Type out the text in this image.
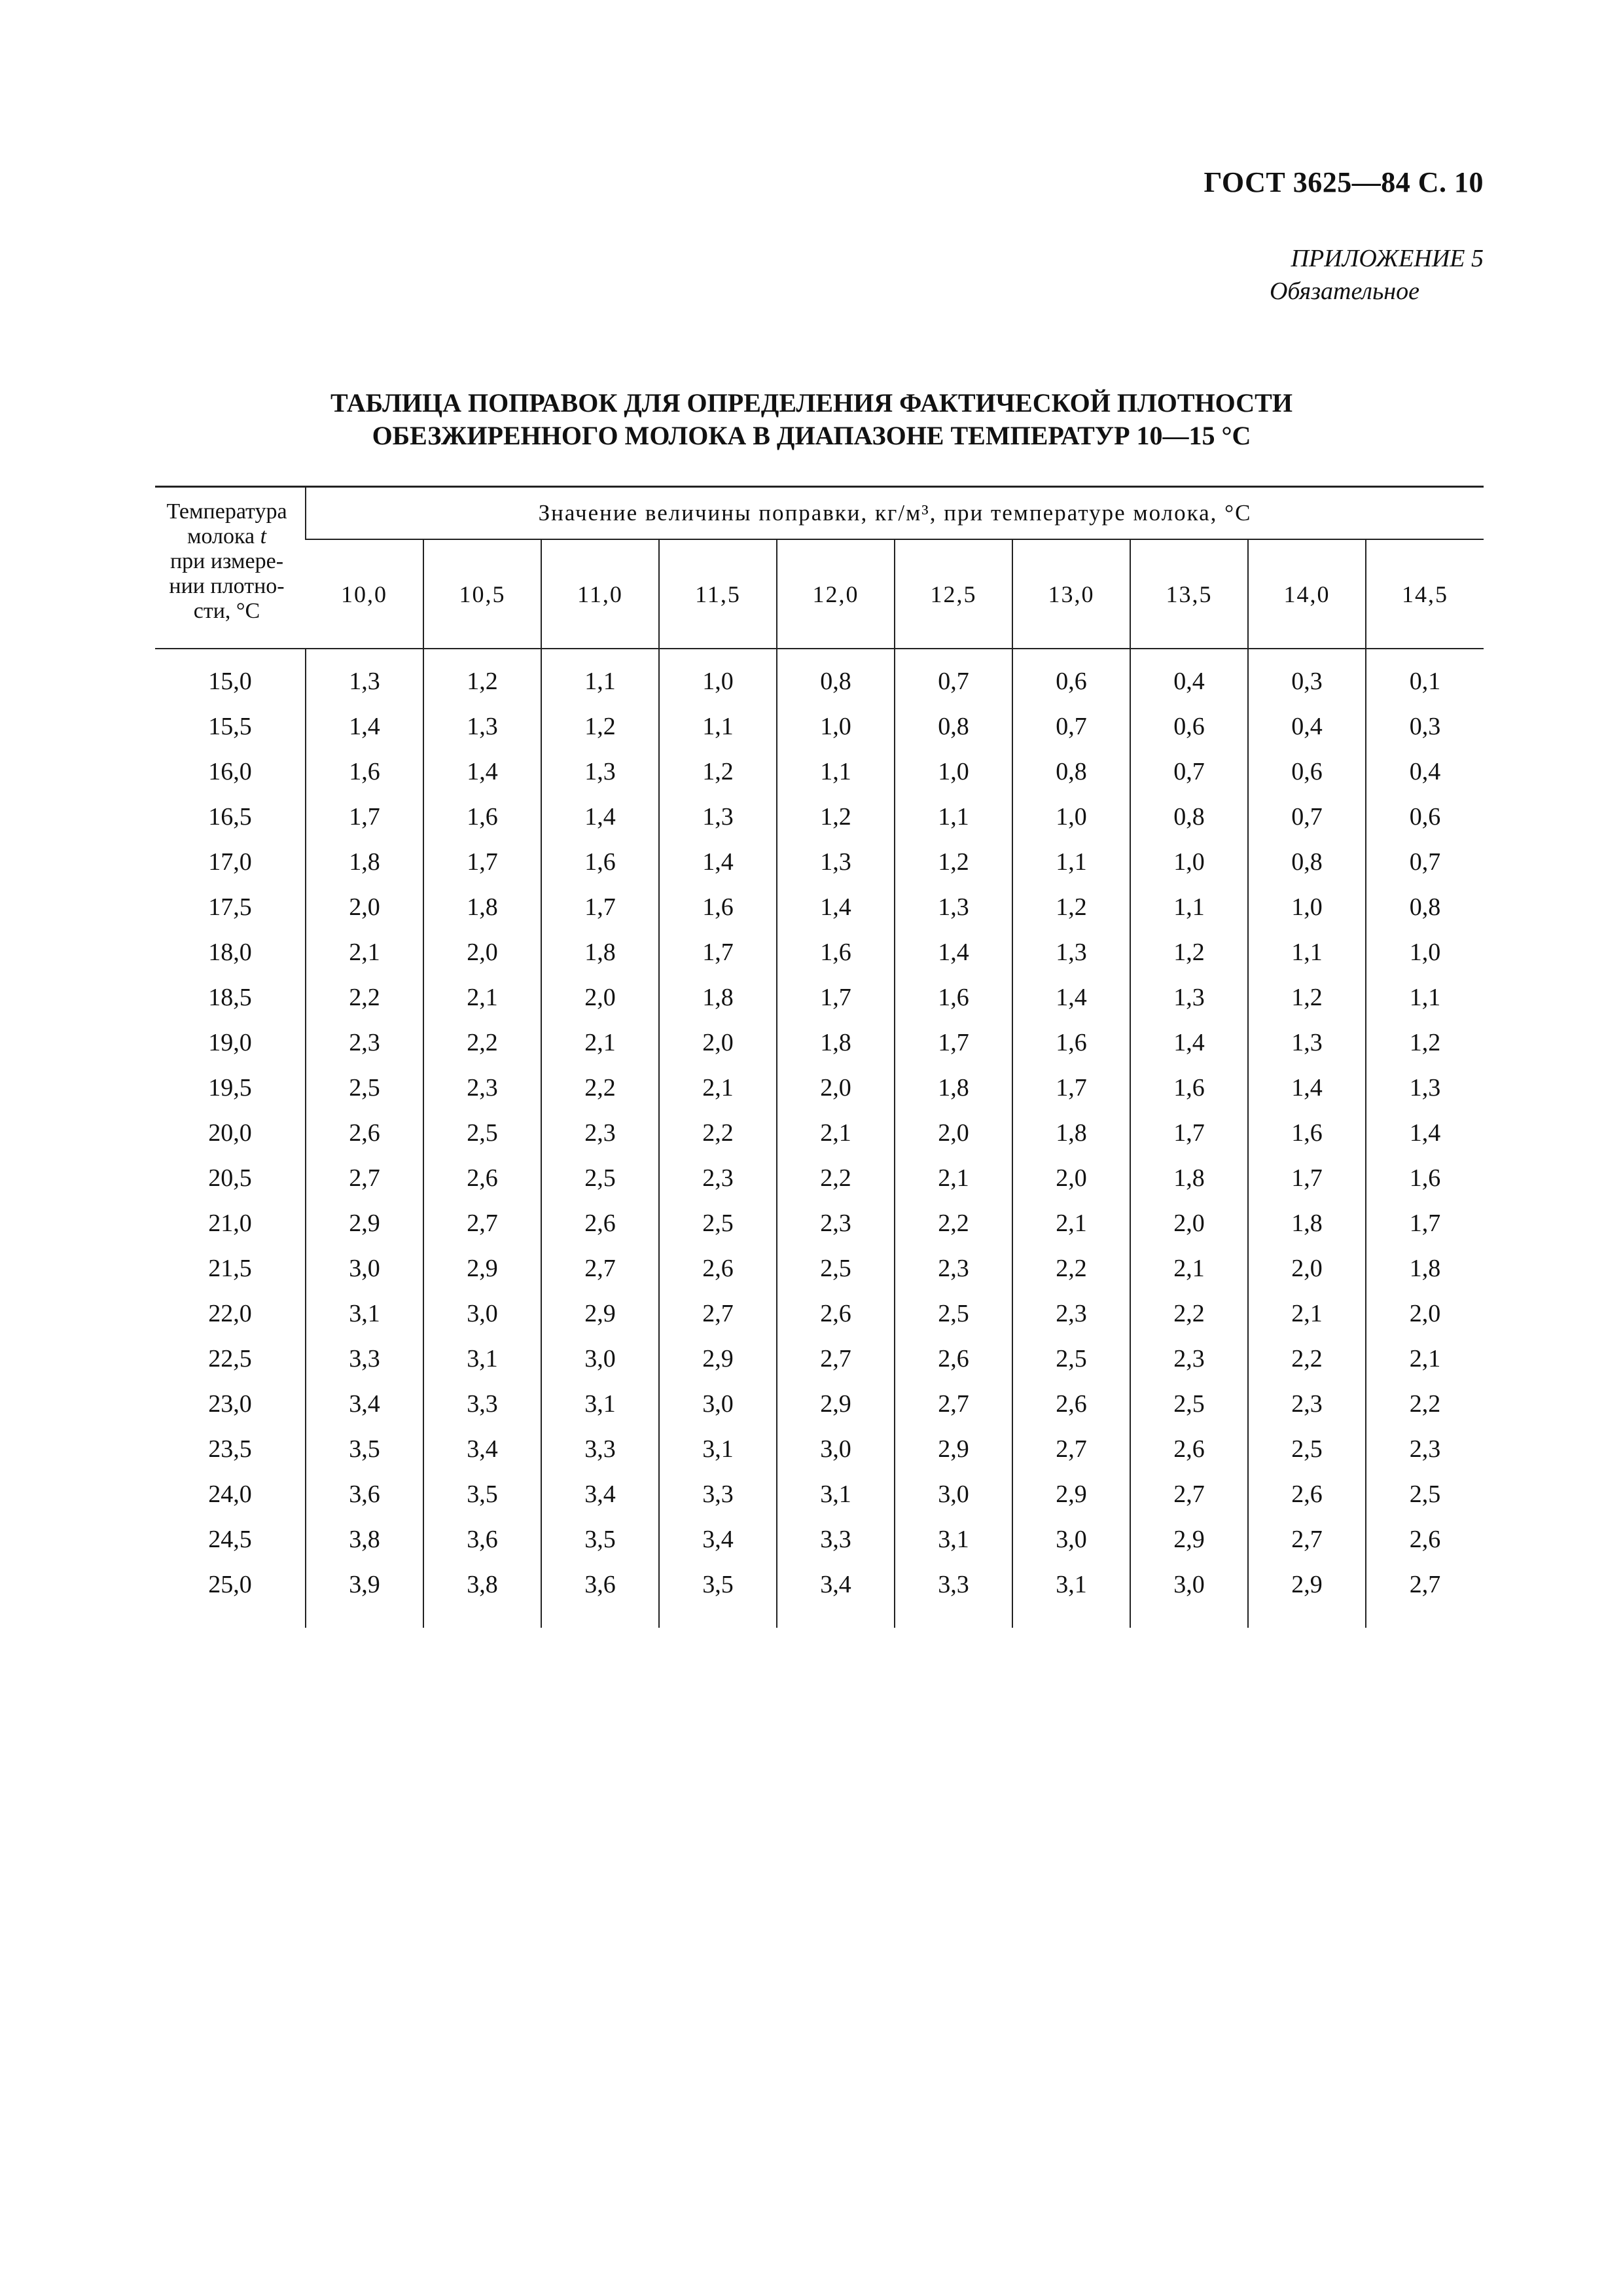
ГОСТ 3625—84 С. 10
ПРИЛОЖЕНИЕ 5
Обязательное
ТАБЛИЦА ПОПРАВОК ДЛЯ ОПРЕДЕЛЕНИЯ ФАКТИЧЕСКОЙ ПЛОТНОСТИ
ОБЕЗЖИРЕННОГО МОЛОКА В ДИАПАЗОНЕ ТЕМПЕРАТУР 10—15 °С
Температура
молока t
при измере-
нии плотно-
сти, °С	Значение величины поправки, кг/м³, при температуре молока, °С									
	10,0	10,5	11,0	11,5	12,0	12,5	13,0	13,5	14,0	14,5
15,0	1,3	1,2	1,1	1,0	0,8	0,7	0,6	0,4	0,3	0,1
15,5	1,4	1,3	1,2	1,1	1,0	0,8	0,7	0,6	0,4	0,3
16,0	1,6	1,4	1,3	1,2	1,1	1,0	0,8	0,7	0,6	0,4
16,5	1,7	1,6	1,4	1,3	1,2	1,1	1,0	0,8	0,7	0,6
17,0	1,8	1,7	1,6	1,4	1,3	1,2	1,1	1,0	0,8	0,7
17,5	2,0	1,8	1,7	1,6	1,4	1,3	1,2	1,1	1,0	0,8
18,0	2,1	2,0	1,8	1,7	1,6	1,4	1,3	1,2	1,1	1,0
18,5	2,2	2,1	2,0	1,8	1,7	1,6	1,4	1,3	1,2	1,1
19,0	2,3	2,2	2,1	2,0	1,8	1,7	1,6	1,4	1,3	1,2
19,5	2,5	2,3	2,2	2,1	2,0	1,8	1,7	1,6	1,4	1,3
20,0	2,6	2,5	2,3	2,2	2,1	2,0	1,8	1,7	1,6	1,4
20,5	2,7	2,6	2,5	2,3	2,2	2,1	2,0	1,8	1,7	1,6
21,0	2,9	2,7	2,6	2,5	2,3	2,2	2,1	2,0	1,8	1,7
21,5	3,0	2,9	2,7	2,6	2,5	2,3	2,2	2,1	2,0	1,8
22,0	3,1	3,0	2,9	2,7	2,6	2,5	2,3	2,2	2,1	2,0
22,5	3,3	3,1	3,0	2,9	2,7	2,6	2,5	2,3	2,2	2,1
23,0	3,4	3,3	3,1	3,0	2,9	2,7	2,6	2,5	2,3	2,2
23,5	3,5	3,4	3,3	3,1	3,0	2,9	2,7	2,6	2,5	2,3
24,0	3,6	3,5	3,4	3,3	3,1	3,0	2,9	2,7	2,6	2,5
24,5	3,8	3,6	3,5	3,4	3,3	3,1	3,0	2,9	2,7	2,6
25,0	3,9	3,8	3,6	3,5	3,4	3,3	3,1	3,0	2,9	2,7
